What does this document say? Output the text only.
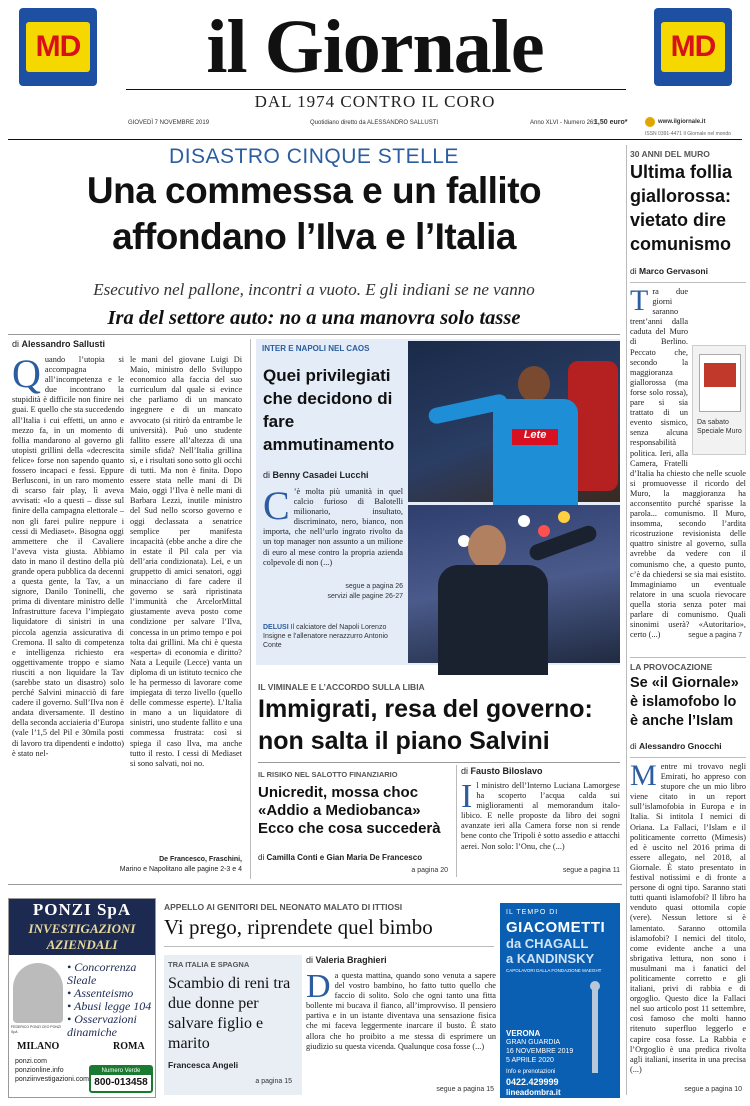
MD	MD
il Giornale
DAL 1974 CONTRO IL CORO
GIOVEDÌ 7 NOVEMBRE 2019	Quotidiano diretto da ALESSANDRO SALLUSTI	Anno XLVI - Numero 263
1,50 euro*	www.ilgiornale.it
ISSN 0391-4471 Il Giornale nel mondo
DISASTRO CINQUE STELLE
Una commessa e un fallito
affondano l’Ilva e l’Italia
Esecutivo nel pallone, incontri a vuoto. E gli indiani se ne vanno
Ira del settore auto: no a una manovra solo tasse
di Alessandro Sallusti
Quando l’utopia si accompagna all’incompetenza e le due incontrano la stupidità è difficile non finire nei guai. E quello che sta succedendo all’Italia i cui effetti, un anno e mezzo fa, in un momento di follia mandarono al governo gli utopisti grillini della «decrescita felice» forse non sapendo quanto fossero incapaci e fessi. Eppure Berlusconi, in un raro momento di scarso fair play, lì aveva avvisati: «Io a questi – disse sul finire della campagna elettorale – non gli farei pulire neppure i cessi di Mediaset». Bisogna oggi ammettere che il Cavaliere l’aveva vista giusta. Abbiamo dato in mano il destino della più grande opera pubblica da decenni a questa gente, la Tav, a un signore, Danilo Toninelli, che prima di diventare ministro delle Infrastrutture faceva l’impiegato liquidatore di sinistri in una piccola agenzia assicurativa di Cremona. Il saltο di competenza e intelligenza richiesto era oggettivamente troppo e siamo riusciti a non liquidare la Tav (sarebbe stato un disastro) solo perché Salvini minacciò di fare cadere il governo. Sull’Ilva non è andata diversamente. Il destino della seconda acciaieria d’Europa (vale l’1,5 del Pil e 30mila posti di lavoro tra dipendenti e indotto) è stato nel-
le mani del giovane Luigi Di Maio, ministro dello Sviluppo economico alla faccia del suo curriculum dal quale si evince che parliamo di un mancato ingegnere e di un mancato avvocato (si ritirò da entrambe le università). Può uno studente fallito essere all’altezza di una simile sfida? Nell’Italia grillina sì, e i risultati sono sotto gli occhi di tutti. Ma non è finita. Dopo essere stata nelle mani di Di Maio, oggi l’Ilva è nelle mani di Barbara Lezzi, inutile ministro del Sud nello scorso governo e oggi declassata a senatrice semplice per manifesta incapacità (ebbe anche a dire che in estate il Pil cala per via dell’aria condizionata). Lei, e un gruppetto di amici senatori, oggi minacciano di fare cadere il governo se sarà ripristinata l’immunità che ArcelorMittal giustamente aveva posto come condizione per salvare l’Ilva, concessa in un primo tempo e poi tolta dai grillini. Ma chi è questa «esperta» di economia e diritto? Nata a Lequile (Lecce) vanta un diploma di un istituto tecnico che le ha permesso di lavorare come impiegata di terzo livello (quello delle commesse esperte). L’Italia in mano a un liquidatore di sinistri, uno studente fallito e una commessa frustrata: così si spiega il caso Ilva, ma anche tutto il resto. I cessi di Mediaset si sono salvati, noi no.
De Francesco, Fraschini,
Marino e Napolitano alle pagine 2-3 e 4
INTER E NAPOLI NEL CAOS
Quei privilegiati che decidono di fare ammutinamento
di Benny Casadei Lucchi
C ’è molta più umanità in quel calcio furioso di Balotelli milionario, insultato, discriminato, nero, bianco, non importa, che nell’urlo ingrato rivolto da un top manager non assunto a un milione di euro al mese contro la propria azienda colpevole di non (...)
segue a pagina 26
servizi alle pagine 26-27
DELUSI Il calciatore del Napoli Lorenzo Insigne e l’allenatore nerazzurro Antonio Conte
Lete
IL VIMINALE E L’ACCORDO SULLA LIBIA
Immigrati, resa del governo:
non salta il piano Salvini
IL RISIKO NEL SALOTTO FINANZIARIO
Unicredit, mossa choc «Addio a Mediobanca» Ecco che cosa succederà
di Camilla Conti e Gian Maria De Francesco
a pagina 20
di Fausto Biloslavo
Il ministro dell’Interno Luciana Lamorgese ha scoperto l’acqua calda sui miglioramenti al memorandum italo-libico. E nelle proposte da libro dei sogni avanzate ieri alla Camera forse non si rende bene conto che Tripoli è sotto assedio e attacchi aerei. Non solo: l’Onu, che (...)
segue a pagina 11
30 ANNI DEL MURO
Ultima follia giallorossa: vietato dire comunismo
di Marco Gervasoni
T
Da sabato Speciale Muro
ra due giorni saranno trent’anni dalla caduta del Muro di Berlino. Peccato che, secondo la maggioranza giallorossa (ma forse solo rossa), pare si sia trattato di un evento sismico, senza alcuna responsabilità politica. Ieri, alla Camera, Fratelli d’Italia ha chiesto che nelle scuole si promuovesse il ricordo del Muro, la maggioranza ha acconsentito purché sparisse la parola... comunismo. Il Muro, insomma, secondo l’ardita ricostruzione revisionista delle quattro sinistre al governo, sulla avrebbe da vedere con il comunismo che, a questo punto, c’è da chiedersi se sia mai esistito. Immaginiamo un eventuale relatore in una scuola rievocare quella storia senza poter mai parlare di comunismo. Quali sinonimi userà? «Autoritario», certo (...)	segue a pagina 7
LA PROVOCAZIONE
Se «il Giornale» è islamofobo lo è anche l’Islam
di Alessandro Gnocchi
Mentre mi trovavo negli Emirati, ho appreso con stupore che un mio libro viene citato in un report sull’islamofobia in Europa e in Italia. Si intitola I nemici di Oriana. La Fallaci, l’Islam e il politicamente corretto (Mimesis) ed è uscito nel 2016 prima di essere allegato, nel 2018, al Giornale. È stato presentato in festival notissimi e di fronte a persone di ogni tipo. Saranno stati tutti quanti islamofobi? Il libro ha venduto quasi ottomila copie (vere). Nessun lettore si è lamentato. Saranno ottomila islamofobi? I nemici del titolo, come evidente anche a una sbrigativa lettura, non sono i musulmani ma i fanatici del politicamente corretto e gli italiani, privi di rabbia e di orgoglio. Questo dice la Fallaci nel suo articolo post 11 settembre, così famoso che molti hanno ritenuto superfluo leggerlo e capire cosa fosse. La Rabbia e l’Orgoglio è una predica rivolta agli italiani, inserita in una precisa (...)
segue a pagina 10
PONZI SpA
INVESTIGAZIONI
AZIENDALI
FEDERICO PONZI CEO PONZI SpA
• Concorrenza Sleale
• Assenteismo
• Abusi legge 104
• Osservazioni dinamiche
MILANO	ROMA
ponzi.com
ponzionline.info
ponziinvestigazioni.com
Numero Verde
800-013458
APPELLO AI GENITORI DEL NEONATO MALATO DI ITTIOSI
Vi prego, riprendete quel bimbo
TRA ITALIA E SPAGNA
Scambio di reni tra due donne per salvare figlio e marito
Francesca Angeli
a pagina 15
di Valeria Braghieri
Da questa mattina, quando sono venuta a sapere del vostro bambino, ho fatto tutto quello che faccio di solito. Solo che ogni tanto una fitta bollente mi bucava il fianco, all’improvviso. Il pensiero partiva e in un istante diventava una sensazione fisica che mi faceva leggermente inarcare il busto. È stato allora che ho proibito a me stessa di esprimere un giudizio su questa vicenda. Qualunque cosa fosse (...)
segue a pagina 15
IL TEMPO DI
GIACOMETTI
da CHAGALL
a KANDINSKY
CAPOLAVORI DALLA FONDAZIONE MAEGHT
VERONA
GRAN GUARDIA
16 NOVEMBRE 2019
5 APRILE 2020
Info e prenotazioni
0422.429999
lineadombra.it
